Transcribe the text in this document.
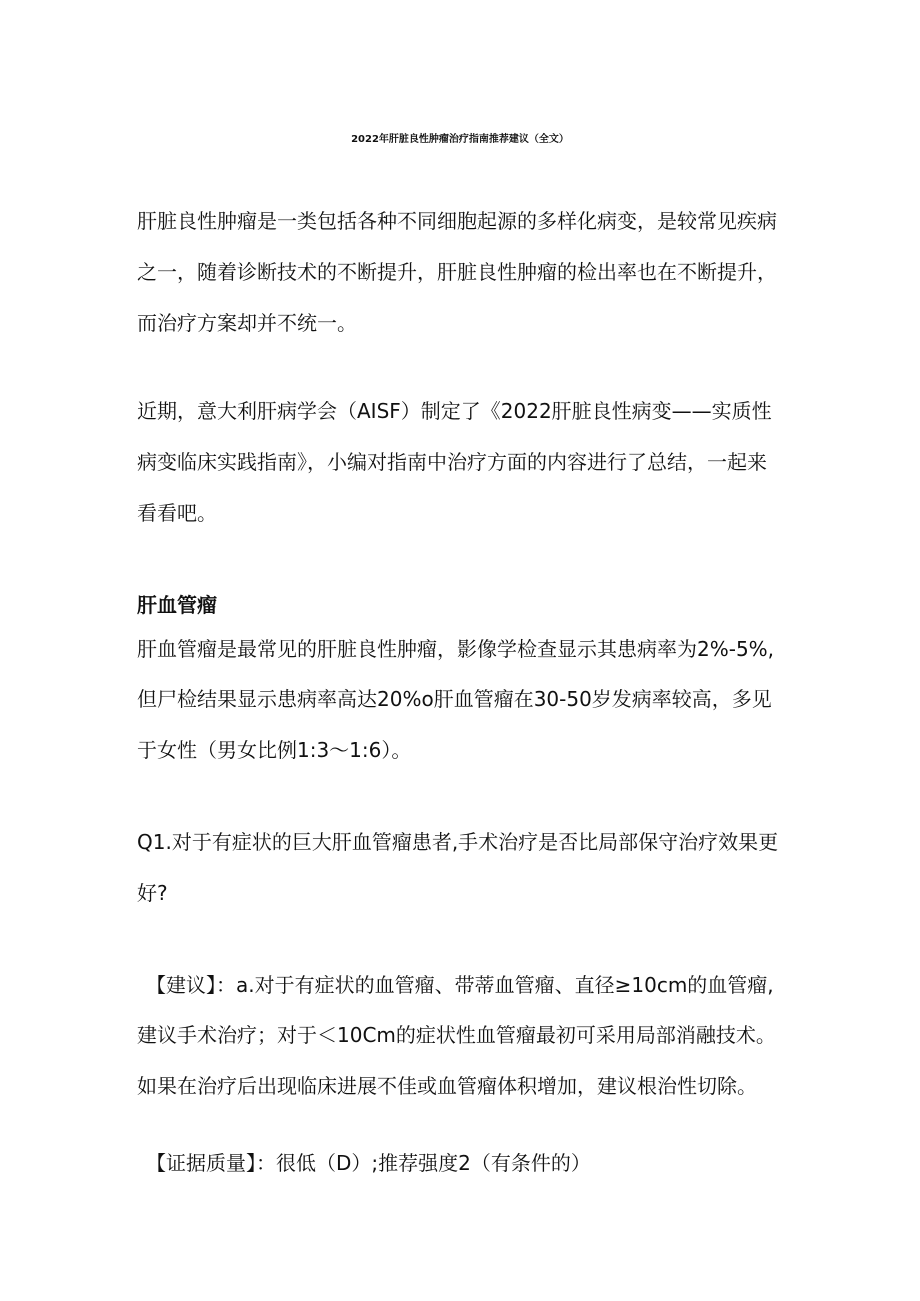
2022年肝脏良性肿瘤治疗指南推荐建议（全文）
肝脏良性肿瘤是一类包括各种不同细胞起源的多样化病变，是较常见疾病
之一，随着诊断技术的不断提升，肝脏良性肿瘤的检出率也在不断提升，
而治疗方案却并不统一。
近期，意大利肝病学会（AISF）制定了《2022肝脏良性病变——实质性
病变临床实践指南》，小编对指南中治疗方面的内容进行了总结，一起来
看看吧。
肝血管瘤
肝血管瘤是最常见的肝脏良性肿瘤，影像学检查显示其患病率为2%-5%,
但尸检结果显示患病率高达20%o肝血管瘤在30-50岁发病率较高，多见
于女性（男女比例1:3～1:6）。
Q1.对于有症状的巨大肝血管瘤患者,手术治疗是否比局部保守治疗效果更
好?
【建议】：a.对于有症状的血管瘤、带蒂血管瘤、直径≥10cm的血管瘤,
建议手术治疗；对于＜10Cm的症状性血管瘤最初可采用局部消融技术。
如果在治疗后出现临床进展不佳或血管瘤体积增加，建议根治性切除。
【证据质量】：很低（D）;推荐强度2（有条件的）
